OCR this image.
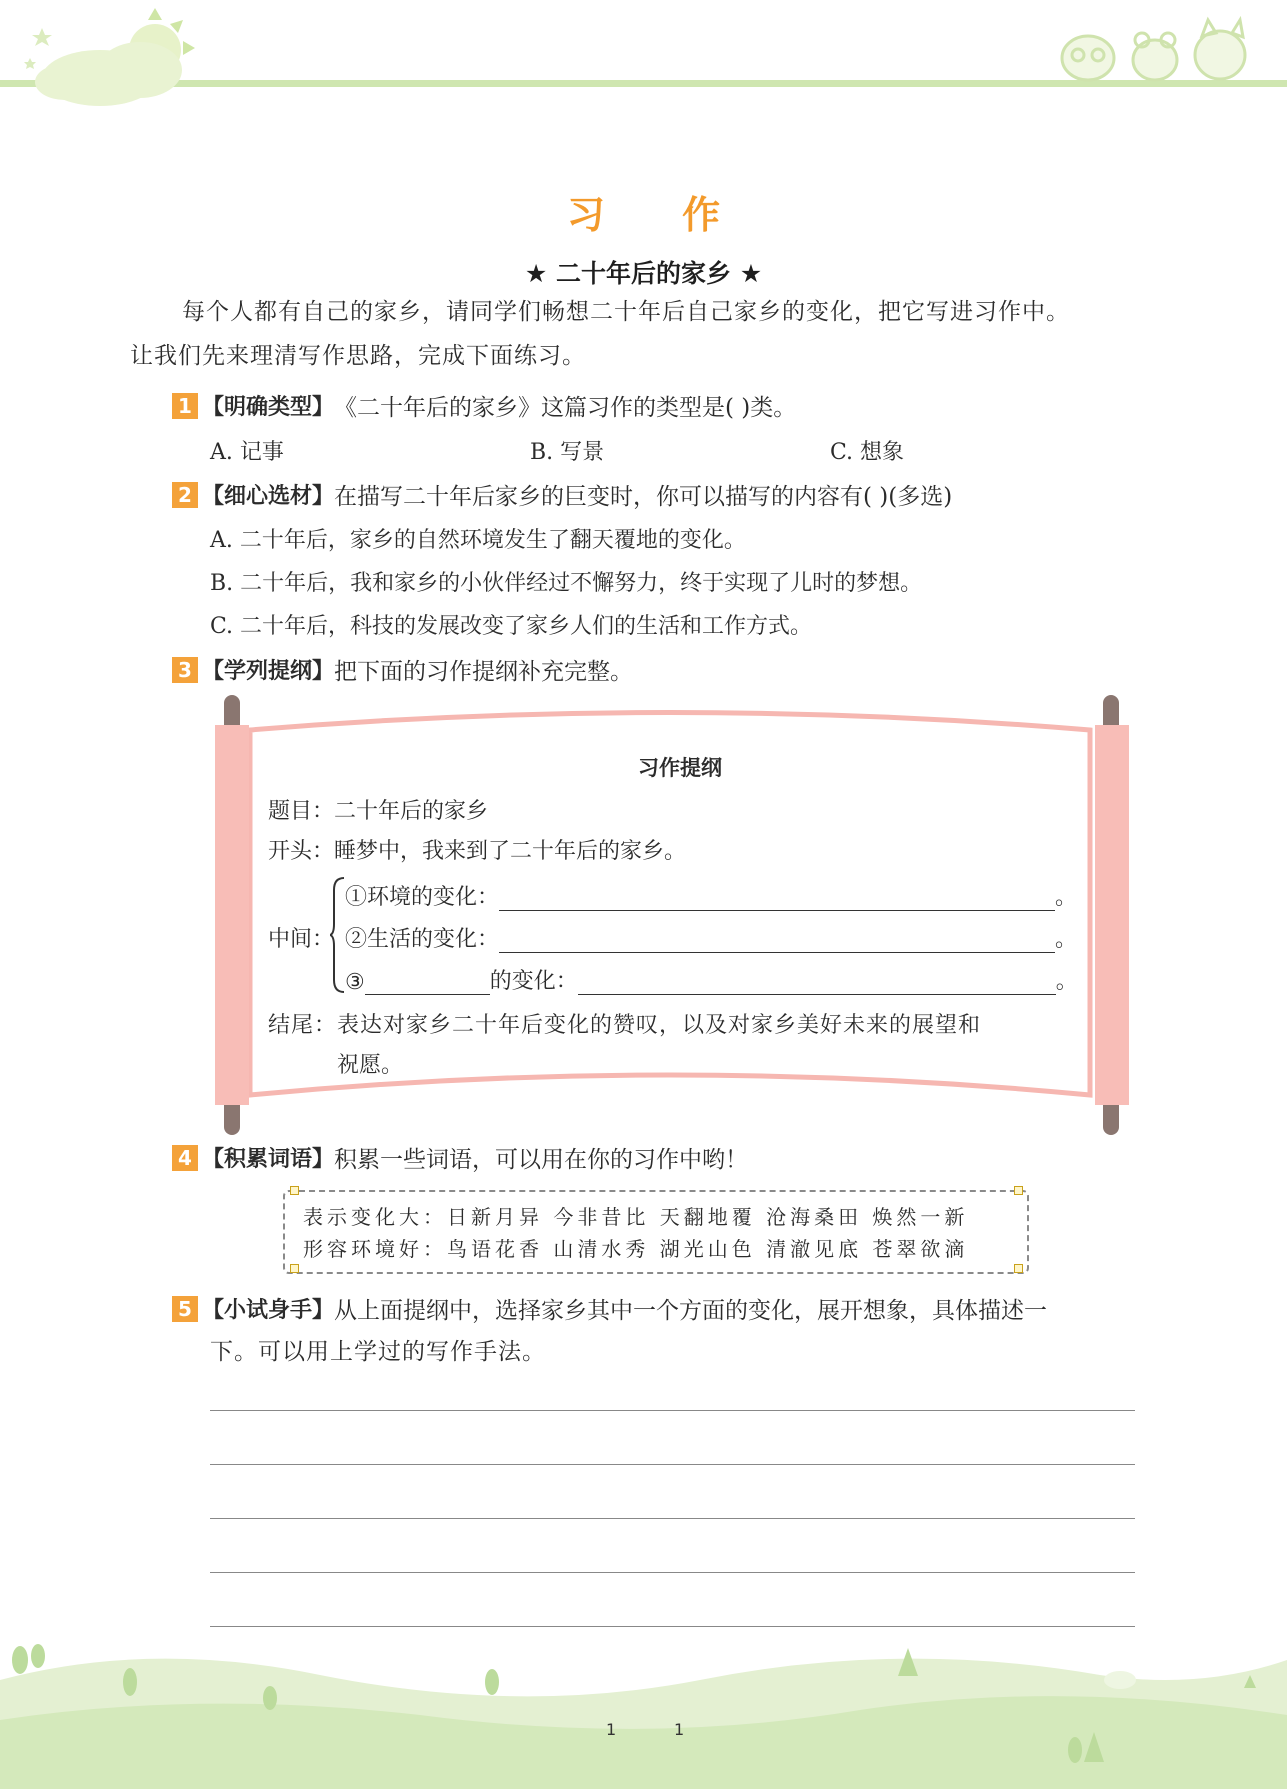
习 作
★ 二十年后的家乡 ★
每个人都有自己的家乡，请同学们畅想二十年后自己家乡的变化，把它写进习作中。
让我们先来理清写作思路，完成下面练习。
1 【明确类型】 《二十年后的家乡》这篇习作的类型是( )类。
A. 记事	B. 写景	C. 想象
2 【细心选材】 在描写二十年后家乡的巨变时，你可以描写的内容有( )(多选)
A. 二十年后，家乡的自然环境发生了翻天覆地的变化。
B. 二十年后，我和家乡的小伙伴经过不懈努力，终于实现了儿时的梦想。
C. 二十年后，科技的发展改变了家乡人们的生活和工作方式。
3 【学列提纲】 把下面的习作提纲补充完整。
习作提纲
题目：二十年后的家乡
开头：睡梦中，我来到了二十年后的家乡。
中间：
①环境的变化：	。
②生活的变化：	。
③	的变化：	。
结尾：表达对家乡二十年后变化的赞叹，以及对家乡美好未来的展望和
祝愿。
4 【积累词语】 积累一些词语，可以用在你的习作中哟！
表示变化大：日新月异 今非昔比 天翻地覆 沧海桑田 焕然一新
形容环境好：鸟语花香 山清水秀 湖光山色 清澈见底 苍翠欲滴
5 【小试身手】 从上面提纲中，选择家乡其中一个方面的变化，展开想象，具体描述一
下。可以用上学过的写作手法。
1	1
